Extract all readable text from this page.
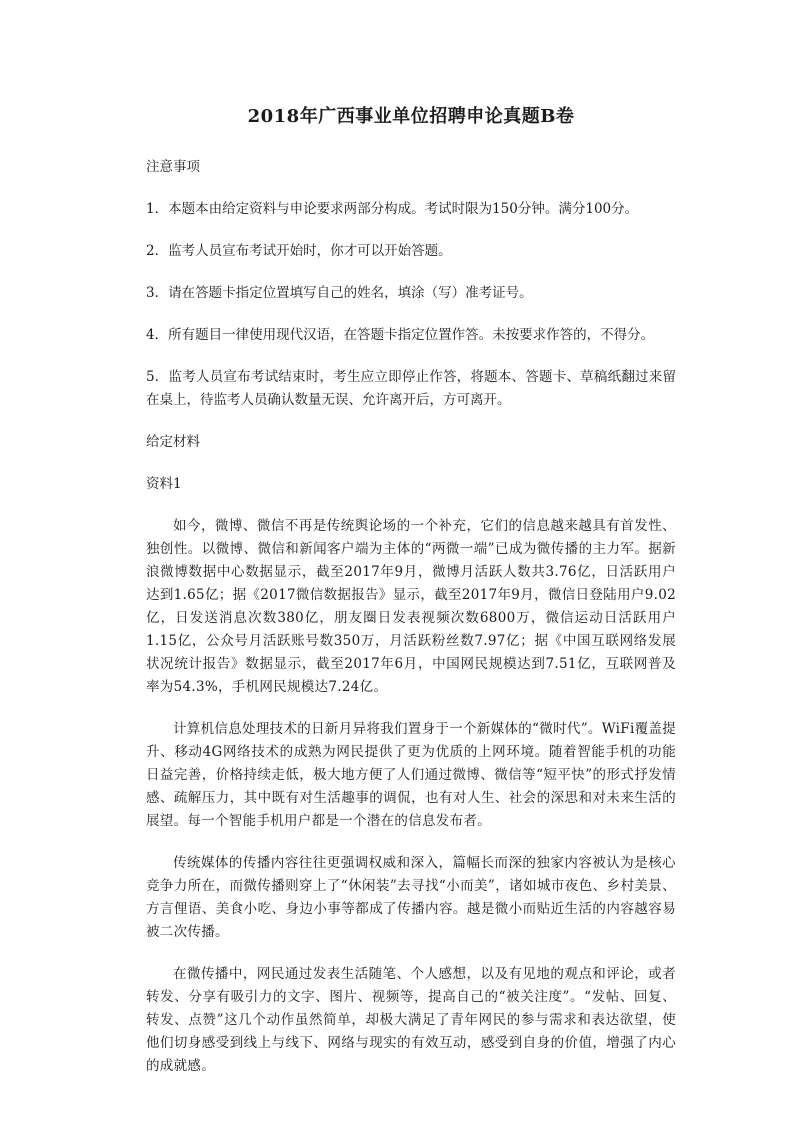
2018年广西事业单位招聘申论真题B卷
注意事项
1．本题本由给定资料与申论要求两部分构成。考试时限为150分钟。满分100分。
2．监考人员宣布考试开始时，你才可以开始答题。
3．请在答题卡指定位置填写自己的姓名，填涂（写）准考证号。
4．所有题目一律使用现代汉语，在答题卡指定位置作答。未按要求作答的，不得分。
5．监考人员宣布考试结束时，考生应立即停止作答，将题本、答题卡、草稿纸翻过来留在桌上，待监考人员确认数量无误、允许离开后，方可离开。
给定材料
资料1

如今，微博、微信不再是传统舆论场的一个补充，它们的信息越来越具有首发性、独创性。以微博、微信和新闻客户端为主体的“两微一端”已成为微传播的主力军。据新浪微博数据中心数据显示，截至2017年9月，微博月活跃人数共3.76亿，日活跃用户达到1.65亿；据《2017微信数据报告》显示，截至2017年9月，微信日登陆用户9.02亿，日发送消息次数380亿，朋友圈日发表视频次数6800万，微信运动日活跃用户1.15亿，公众号月活跃账号数350万，月活跃粉丝数7.97亿；据《中国互联网络发展状况统计报告》数据显示，截至2017年6月，中国网民规模达到7.51亿，互联网普及率为54.3%，手机网民规模达7.24亿。

计算机信息处理技术的日新月异将我们置身于一个新媒体的“微时代”。WiFi覆盖提升、移动4G网络技术的成熟为网民提供了更为优质的上网环境。随着智能手机的功能日益完善，价格持续走低，极大地方便了人们通过微博、微信等“短平快”的形式抒发情感、疏解压力，其中既有对生活趣事的调侃，也有对人生、社会的深思和对未来生活的展望。每一个智能手机用户都是一个潜在的信息发布者。

传统媒体的传播内容往往更强调权威和深入，篇幅长而深的独家内容被认为是核心竞争力所在，而微传播则穿上了“休闲装”去寻找“小而美”，诸如城市夜色、乡村美景、方言俚语、美食小吃、身边小事等都成了传播内容。越是微小而贴近生活的内容越容易被二次传播。

在微传播中，网民通过发表生活随笔、个人感想，以及有见地的观点和评论，或者转发、分享有吸引力的文字、图片、视频等，提高自己的“被关注度”。“发帖、回复、转发、点赞”这几个动作虽然简单，却极大满足了青年网民的参与需求和表达欲望，使他们切身感受到线上与线下、网络与现实的有效互动，感受到自身的价值，增强了内心的成就感。
